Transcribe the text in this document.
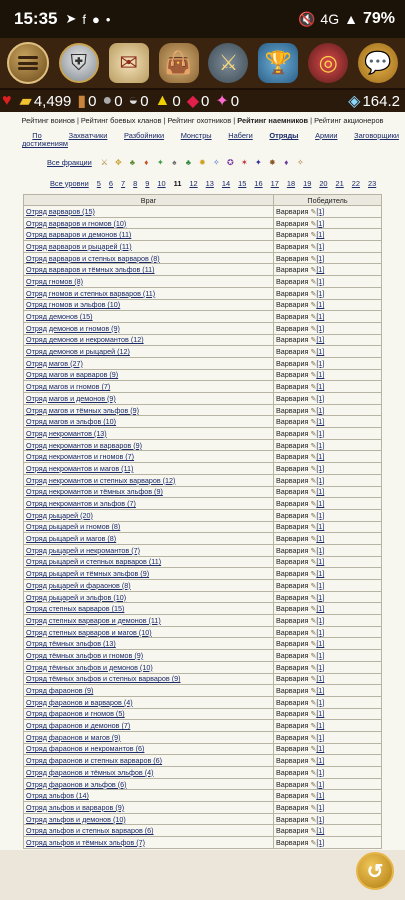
15:35 ➤ f ● •	🔇 4G ▲ 79%
⛨	✉	👜	⚔	🏆	◎	💬
♥ ▰ 4,499 ▮ 0 ● 0 ◒ 0 ▲ 0 ◆ 0 ✦ 0	◈ 164.2
Рейтинг воинов | Рейтинг боевых кланов | Рейтинг охотников | Рейтинг наемников | Рейтинг акционеров
По достижениям
Захватчики Разбойники Монстры Набеги Отряды Армии Заговорщики
Все фракции ⚔ ✥ ♣	♦	✦ ♠ ♣ ✹ ✧ ✪ ✶ ✦ ✸	♦	✧
Все уровни 5 6 7 8 9 10 11 12 13 14 15 16 17 18 19 20 21 22 23
Враг	Победитель
Отряд варваров (15)	Варвария ✎[1]
Отряд варваров и гномов (10)	Варвария ✎[1]
Отряд варваров и демонов (11)	Варвария ✎[1]
Отряд варваров и рыцарей (11)	Варвария ✎[1]
Отряд варваров и степных варваров (8)	Варвария ✎[1]
Отряд варваров и тёмных эльфов (11)	Варвария ✎[1]
Отряд гномов (8)	Варвария ✎[1]
Отряд гномов и степных варваров (11)	Варвария ✎[1]
Отряд гномов и эльфов (10)	Варвария ✎[1]
Отряд демонов (15)	Варвария ✎[1]
Отряд демонов и гномов (9)	Варвария ✎[1]
Отряд демонов и некромантов (12)	Варвария ✎[1]
Отряд демонов и рыцарей (12)	Варвария ✎[1]
Отряд магов (27)	Варвария ✎[1]
Отряд магов и варваров (9)	Варвария ✎[1]
Отряд магов и гномов (7)	Варвария ✎[1]
Отряд магов и демонов (9)	Варвария ✎[1]
Отряд магов и тёмных эльфов (9)	Варвария ✎[1]
Отряд магов и эльфов (10)	Варвария ✎[1]
Отряд некромантов (13)	Варвария ✎[1]
Отряд некромантов и варваров (9)	Варвария ✎[1]
Отряд некромантов и гномов (7)	Варвария ✎[1]
Отряд некромантов и магов (11)	Варвария ✎[1]
Отряд некромантов и степных варваров (12)	Варвария ✎[1]
Отряд некромантов и тёмных эльфов (9)	Варвария ✎[1]
Отряд некромантов и эльфов (7)	Варвария ✎[1]
Отряд рыцарей (20)	Варвария ✎[1]
Отряд рыцарей и гномов (8)	Варвария ✎[1]
Отряд рыцарей и магов (8)	Варвария ✎[1]
Отряд рыцарей и некромантов (7)	Варвария ✎[1]
Отряд рыцарей и степных варваров (11)	Варвария ✎[1]
Отряд рыцарей и тёмных эльфов (9)	Варвария ✎[1]
Отряд рыцарей и фараонов (8)	Варвария ✎[1]
Отряд рыцарей и эльфов (10)	Варвария ✎[1]
Отряд степных варваров (15)	Варвария ✎[1]
Отряд степных варваров и демонов (11)	Варвария ✎[1]
Отряд степных варваров и магов (10)	Варвария ✎[1]
Отряд тёмных эльфов (13)	Варвария ✎[1]
Отряд тёмных эльфов и гномов (9)	Варвария ✎[1]
Отряд тёмных эльфов и демонов (10)	Варвария ✎[1]
Отряд тёмных эльфов и степных варваров (9)	Варвария ✎[1]
Отряд фараонов (9)	Варвария ✎[1]
Отряд фараонов и варваров (4)	Варвария ✎[1]
Отряд фараонов и гномов (5)	Варвария ✎[1]
Отряд фараонов и демонов (7)	Варвария ✎[1]
Отряд фараонов и магов (9)	Варвария ✎[1]
Отряд фараонов и некромантов (6)	Варвария ✎[1]
Отряд фараонов и степных варваров (6)	Варвария ✎[1]
Отряд фараонов и тёмных эльфов (4)	Варвария ✎[1]
Отряд фараонов и эльфов (6)	Варвария ✎[1]
Отряд эльфов (14)	Варвария ✎[1]
Отряд эльфов и варваров (9)	Варвария ✎[1]
Отряд эльфов и демонов (10)	Варвария ✎[1]
Отряд эльфов и степных варваров (6)	Варвария ✎[1]
Отряд эльфов и тёмных эльфов (7)	Варвария ✎[1]
↺
